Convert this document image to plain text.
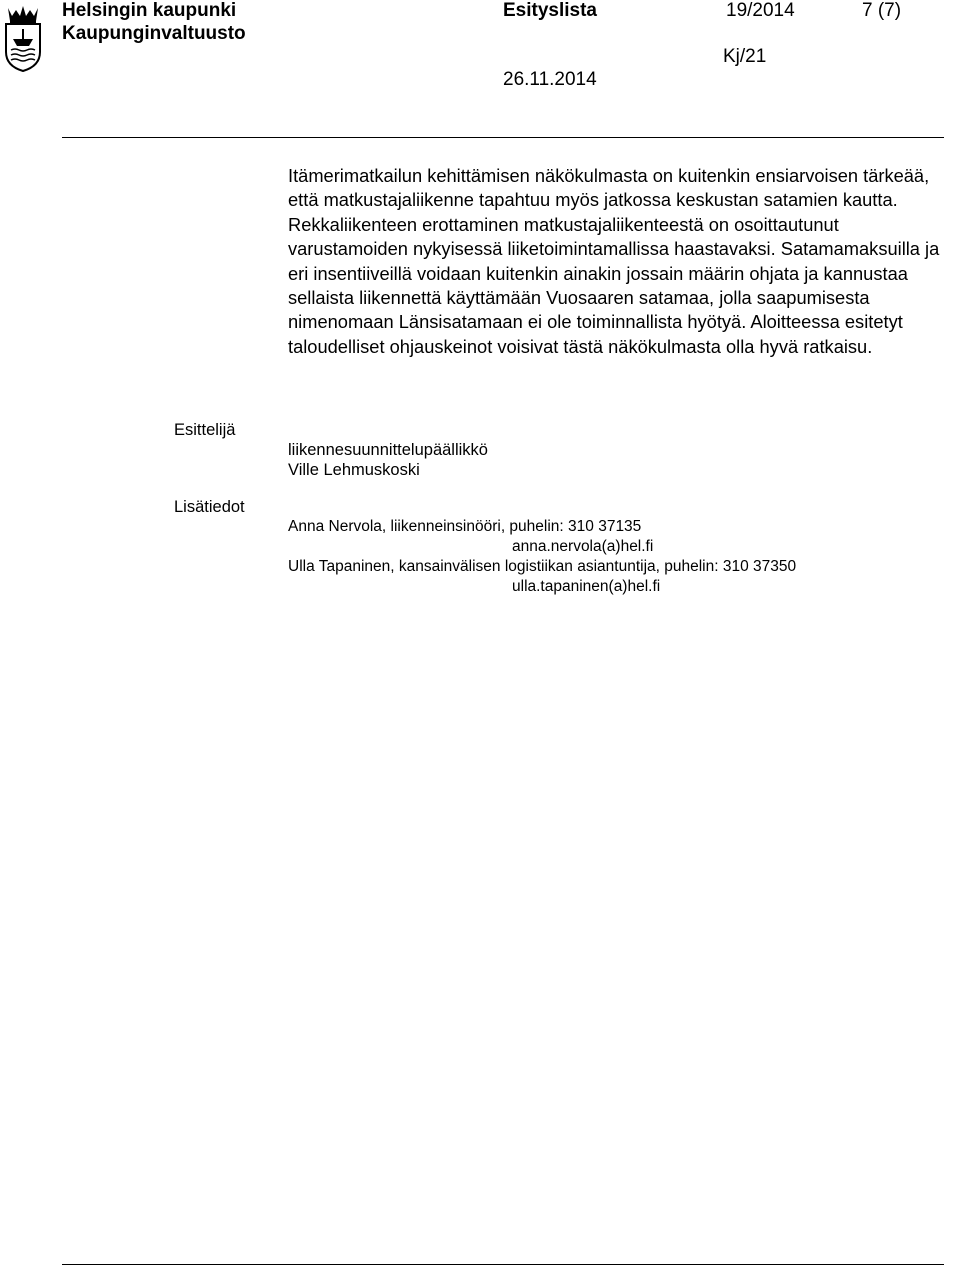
Helsingin kaupunki
Kaupunginvaltuusto
Esityslista	19/2014	7 (7)
Kj/21
26.11.2014
Itämerimatkailun kehittämisen näkökulmasta on kuitenkin ensiarvoisen tärkeää, että matkustajaliikenne tapahtuu myös jatkossa keskustan satamien kautta. Rekkaliikenteen erottaminen matkustajaliikenteestä on osoittautunut varustamoiden nykyisessä liiketoimintamallissa haastavaksi. Satamamaksuilla ja eri insentiiveillä voidaan kuitenkin ainakin jossain määrin ohjata ja kannustaa sellaista liikennettä käyttämään Vuosaaren satamaa, jolla saapumisesta nimenomaan Länsisatamaan ei ole toiminnallista hyötyä. Aloitteessa esitetyt taloudelliset ohjauskeinot voisivat tästä näkökulmasta olla hyvä ratkaisu.
Esittelijä
liikennesuunnittelupäällikkö
Ville Lehmuskoski
Lisätiedot
Anna Nervola, liikenneinsinööri, puhelin: 310 37135
anna.nervola(a)hel.fi
Ulla Tapaninen, kansainvälisen logistiikan asiantuntija, puhelin: 310 37350
ulla.tapaninen(a)hel.fi
